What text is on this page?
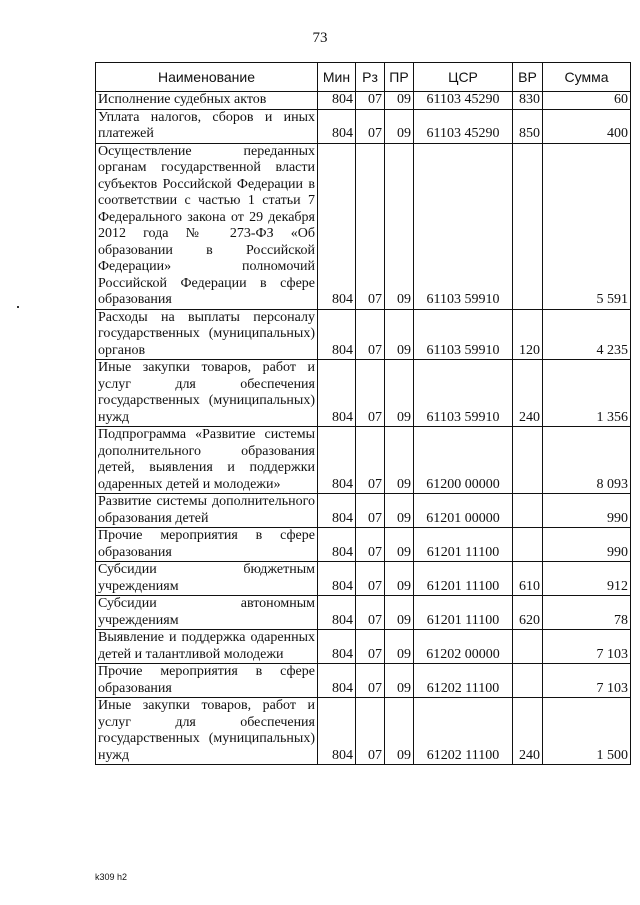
73
Наименование	Мин	Рз	ПР	ЦСР	ВР	Сумма
Исполнение судебных актов	804	07	09	61103 45290	830	60
Уплата налогов, сборов и иных платежей	804	07	09	61103 45290	850	400
Осуществление переданных органам государственной власти субъектов Российской Федерации в соответствии с частью 1 статьи 7 Федерального закона от 29 декабря 2012 года № 273-ФЗ «Об образовании в Российской Федерации» полномочий Российской Федерации в сфере образования	804	07	09	61103 59910		5 591
Расходы на выплаты персоналу государственных (муниципальных) органов	804	07	09	61103 59910	120	4 235
Иные закупки товаров, работ и услуг для обеспечения государственных (муниципальных) нужд	804	07	09	61103 59910	240	1 356
Подпрограмма «Развитие системы дополнительного образования детей, выявления и поддержки одаренных детей и молодежи»	804	07	09	61200 00000		8 093
Развитие системы дополнительного образования детей	804	07	09	61201 00000		990
Прочие мероприятия в сфере образования	804	07	09	61201 11100		990
Субсидии бюджетным учреждениям	804	07	09	61201 11100	610	912
Субсидии автономным учреждениям	804	07	09	61201 11100	620	78
Выявление и поддержка одаренных детей и талантливой молодежи	804	07	09	61202 00000		7 103
Прочие мероприятия в сфере образования	804	07	09	61202 11100		7 103
Иные закупки товаров, работ и услуг для обеспечения государственных (муниципальных) нужд	804	07	09	61202 11100	240	1 500
k309 h2
